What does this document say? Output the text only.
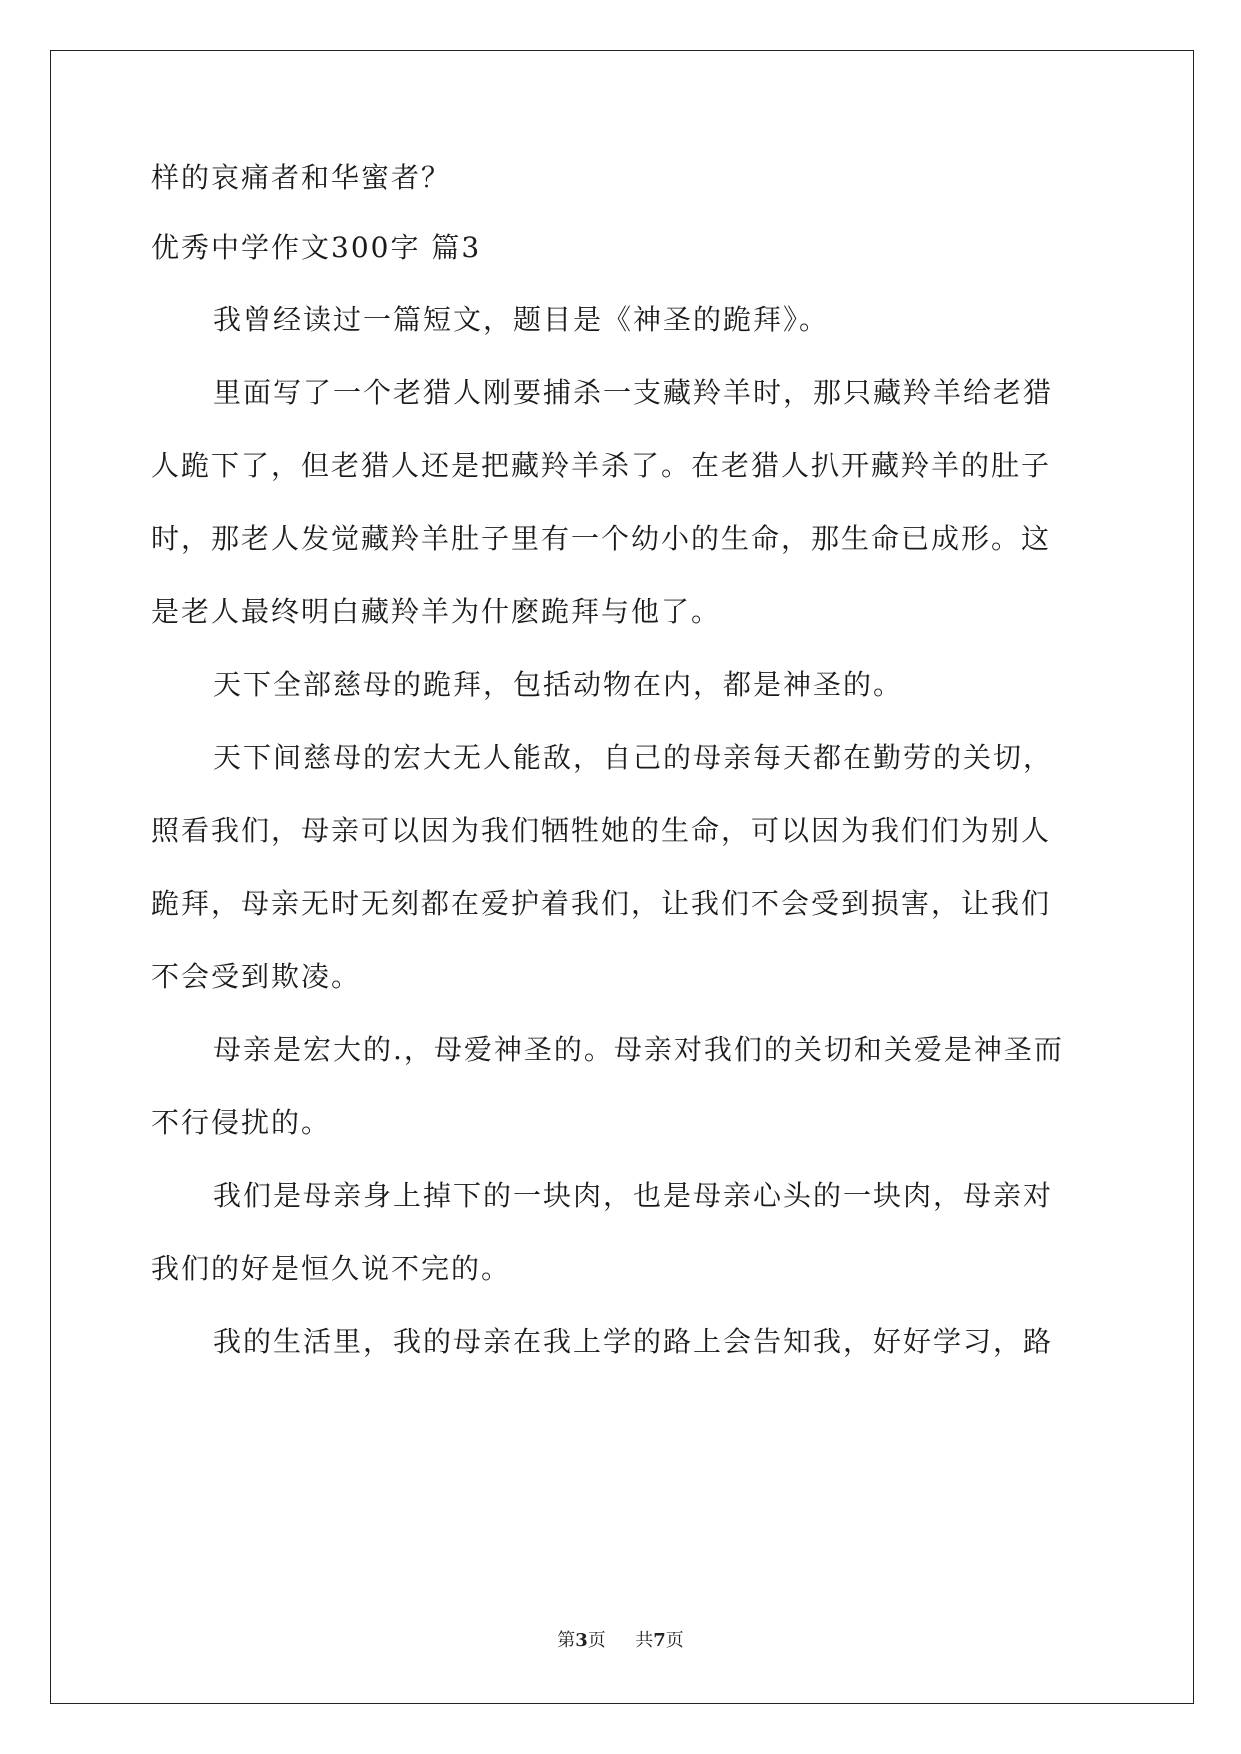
样的哀痛者和华蜜者？
优秀中学作文300字 篇3
我曾经读过一篇短文，题目是《神圣的跪拜》。
里面写了一个老猎人刚要捕杀一支藏羚羊时，那只藏羚羊给老猎
人跪下了，但老猎人还是把藏羚羊杀了。在老猎人扒开藏羚羊的肚子
时，那老人发觉藏羚羊肚子里有一个幼小的生命，那生命已成形。这
是老人最终明白藏羚羊为什麽跪拜与他了。
天下全部慈母的跪拜，包括动物在内，都是神圣的。
天下间慈母的宏大无人能敌，自己的母亲每天都在勤劳的关切，
照看我们，母亲可以因为我们牺牲她的生命，可以因为我们们为别人
跪拜，母亲无时无刻都在爱护着我们，让我们不会受到损害，让我们
不会受到欺凌。
母亲是宏大的.，母爱神圣的。母亲对我们的关切和关爱是神圣而
不行侵扰的。
我们是母亲身上掉下的一块肉，也是母亲心头的一块肉，母亲对
我们的好是恒久说不完的。
我的生活里，我的母亲在我上学的路上会告知我，好好学习，路
第3页 共7页
